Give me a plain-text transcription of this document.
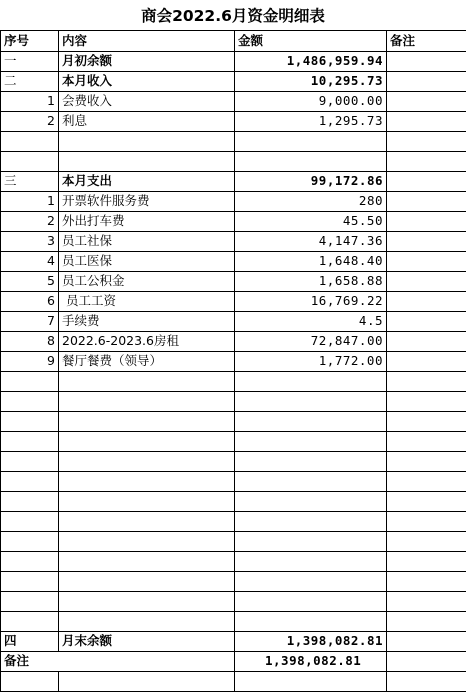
商会2022.6月资金明细表
序号	内容	金额	备注
一	月初余额	1,486,959.94	
二	本月收入	10,295.73	
1	会费收入	9,000.00	
2	利息	1,295.73	

三	本月支出	99,172.86	
1	开票软件服务费	280	
2	外出打车费	45.50	
3	员工社保	4,147.36	
4	员工医保	1,648.40	
5	员工公积金	1,658.88	
6	员工工资	16,769.22	
7	手续费	4.5	
8	2022.6-2023.6房租	72,847.00	
9	餐厅餐费（领导）	1,772.00	

四	月末余额	1,398,082.81	
备注		1,398,082.81	
